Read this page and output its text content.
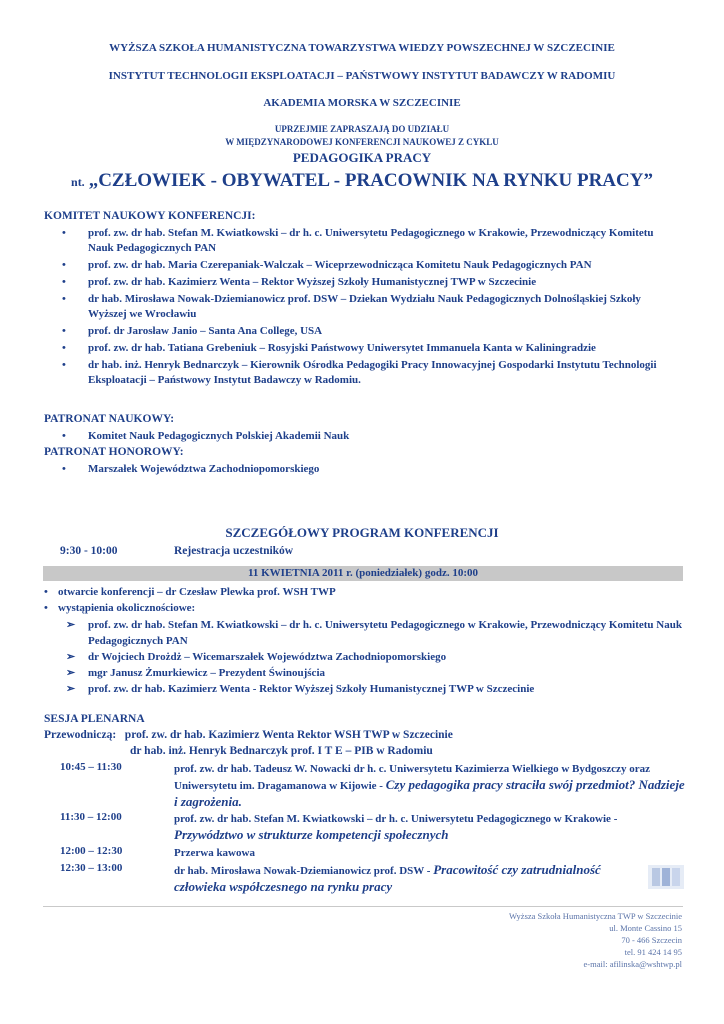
WYŻSZA SZKOŁA HUMANISTYCZNA TOWARZYSTWA WIEDZY POWSZECHNEJ W SZCZECINIE
INSTYTUT TECHNOLOGII EKSPLOATACJI – PAŃSTWOWY INSTYTUT BADAWCZY W RADOMIU
AKADEMIA MORSKA W SZCZECINIE
UPRZEJMIE ZAPRASZAJĄ DO UDZIAŁU
W MIĘDZYNARODOWEJ KONFERENCJI NAUKOWEJ Z CYKLU
PEDAGOGIKA PRACY
nt. „CZŁOWIEK - OBYWATEL - PRACOWNIK NA RYNKU PRACY”
KOMITET NAUKOWY KONFERENCJI:
• prof. zw. dr hab. Stefan M. Kwiatkowski – dr h. c. Uniwersytetu Pedagogicznego w Krakowie, Przewodniczący Komitetu Nauk Pedagogicznych PAN
• prof. zw. dr hab. Maria Czerepaniak-Walczak – Wiceprzewodnicząca Komitetu Nauk Pedagogicznych PAN
• prof. zw. dr hab. Kazimierz Wenta – Rektor Wyższej Szkoły Humanistycznej TWP w Szczecinie
• dr hab. Mirosława Nowak-Dziemianowicz prof. DSW – Dziekan Wydziału Nauk Pedagogicznych Dolnośląskiej Szkoły Wyższej we Wrocławiu
• prof. dr Jarosław Janio – Santa Ana College, USA
• prof. zw. dr hab. Tatiana Grebeniuk – Rosyjski Państwowy Uniwersytet Immanuela Kanta w Kaliningradzie
• dr hab. inż. Henryk Bednarczyk – Kierownik Ośrodka Pedagogiki Pracy Innowacyjnej Gospodarki Instytutu Technologii Eksploatacji – Państwowy Instytut Badawczy w Radomiu.
PATRONAT NAUKOWY:
• Komitet Nauk Pedagogicznych Polskiej Akademii Nauk
PATRONAT HONOROWY:
• Marszałek Województwa Zachodniopomorskiego
SZCZEGÓŁOWY PROGRAM KONFERENCJI
9:30 - 10:00	Rejestracja uczestników
11 KWIETNIA 2011 r. (poniedziałek) godz. 10:00
• otwarcie konferencji – dr Czesław Plewka prof. WSH TWP
• wystąpienia okolicznościowe:
➢ prof. zw. dr hab. Stefan M. Kwiatkowski – dr h. c. Uniwersytetu Pedagogicznego w Krakowie, Przewodniczący Komitetu Nauk Pedagogicznych PAN
➢ dr Wojciech Drożdż – Wicemarszałek Województwa Zachodniopomorskiego
➢ mgr Janusz Żmurkiewicz – Prezydent Świnoujścia
➢ prof. zw. dr hab. Kazimierz Wenta - Rektor Wyższej Szkoły Humanistycznej TWP w Szczecinie
SESJA PLENARNA
Przewodniczą: prof. zw. dr hab. Kazimierz Wenta Rektor WSH TWP w Szczecinie
dr hab. inż. Henryk Bednarczyk prof. I T E – PIB w Radomiu
10:45 – 11:30	prof. zw. dr hab. Tadeusz W. Nowacki dr h. c. Uniwersytetu Kazimierza Wielkiego w Bydgoszczy oraz Uniwersytetu im. Dragamanowa w Kijowie - Czy pedagogika pracy straciła swój przedmiot? Nadzieje i zagrożenia.
11:30 – 12:00	prof. zw. dr hab. Stefan M. Kwiatkowski – dr h. c. Uniwersytetu Pedagogicznego w Krakowie - Przywództwo w strukturze kompetencji społecznych
12:00 – 12:30	Przerwa kawowa
12:30 – 13:00	dr hab. Mirosława Nowak-Dziemianowicz prof. DSW - Pracowitość czy zatrudnialność człowieka współczesnego na rynku pracy
Wyższa Szkoła Humanistyczna TWP w Szczecinie
ul. Monte Cassino 15
70 - 466 Szczecin
tel. 91 424 14 95
e-mail: afilinska@wshtwp.pl
